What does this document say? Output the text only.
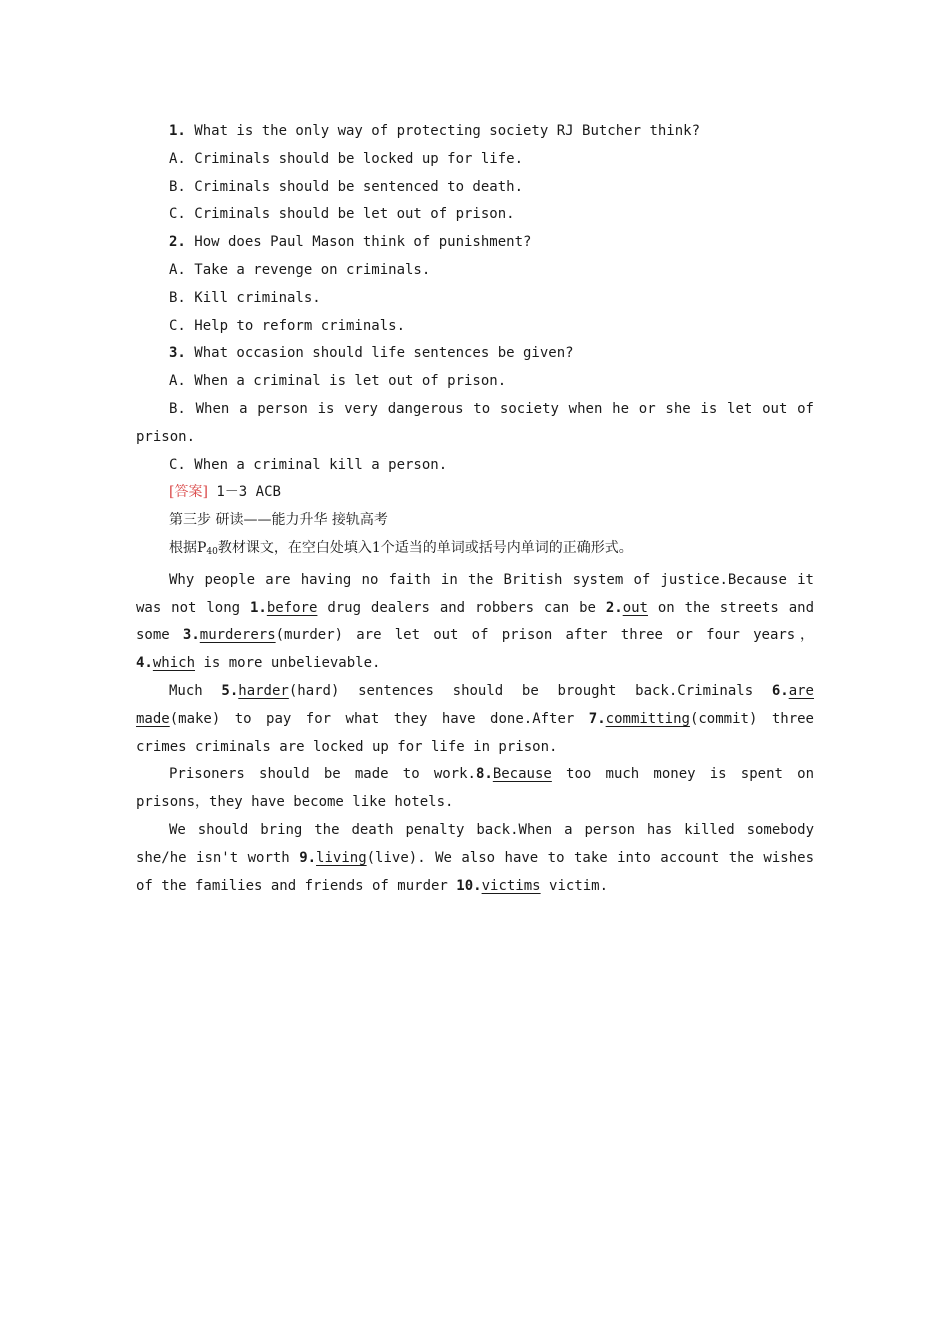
1. What is the only way of protecting society RJ Butcher think?
A. Criminals should be locked up for life.
B. Criminals should be sentenced to death.
C. Criminals should be let out of prison.
2. How does Paul Mason think of punishment?
A. Take a revenge on criminals.
B. Kill criminals.
C. Help to reform criminals.
3. What occasion should life sentences be given?
A. When a criminal is let out of prison.
B. When a person is very dangerous to society when he or she is let out of
prison.
C. When a criminal kill a person.
[答案] 1－3 ACB
第三步 研读——能力升华 接轨高考
根据$P_{40}$教材课文，在空白处填入1个适当的单词或括号内单词的正确形式。
Why people are having no faith in the British system of justice.Because it was not long 1.before drug dealers and robbers can be 2.out on the streets and some 3.murderers(murder) are let out of prison after three or four years，4.which is more unbelievable.
Much 5.harder(hard) sentences should be brought back.Criminals 6.are made(make) to pay for what they have done.After 7.committing(commit) three crimes criminals are locked up for life in prison.
Prisoners should be made to work.8.Because too much money is spent on prisons，they have become like hotels.
We should bring the death penalty back.When a person has killed somebody she/he isn't worth 9.living(live). We also have to take into account the wishes of the families and friends of murder 10.victims victim.
